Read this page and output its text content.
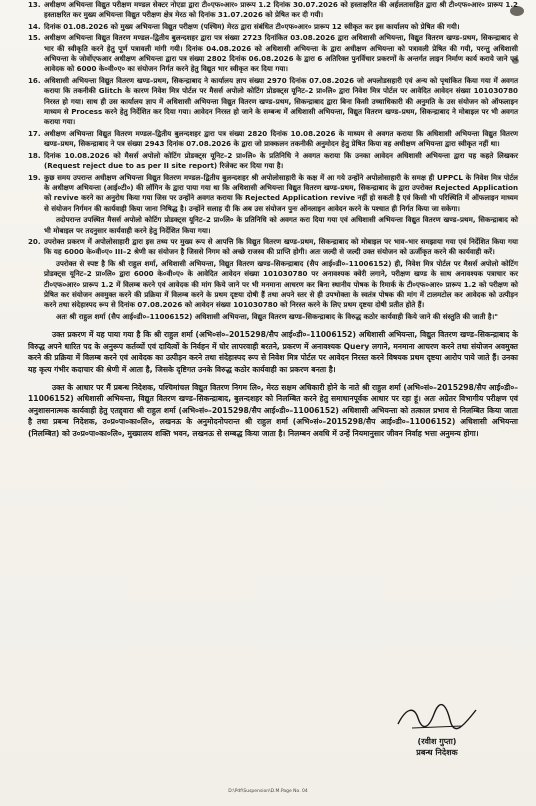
13. अधीक्षण अभियन्ता विद्युत परीक्षण मण्डल सेक्टर नोएडा द्वारा टी०एफ०आर० प्रारूप 1.2 दिनांक 30.07.2026 को हस्ताक्षरित की अर्हलतासहित द्वारा श्री टी०एफ०आर० प्रारूप 1.2 हस्ताक्षरित कर मुख्य अभियन्ता विद्युत परीक्षण क्षेत्र मेरठ को दिनांक 31.07.2026 को प्रेषित कर दी गयी।
14. दिनांक 01.08.2026 को मुख्य अभियन्ता विद्युत परीक्षण (पश्चिम) मेरठ द्वारा संबंधित टी०एफ०आर० प्रारूप 12 स्वीकृत कर इस कार्यालय को प्रेषित की गयी।
15. अधीक्षण अभियन्ता विद्युत वितरण मण्डल–द्वितीय बुलन्दशहर द्वारा पत्र संख्या 2723 दिनांकित 03.08.2026 द्वारा अधिशासी अभियन्ता, विद्युत वितरण खण्ड–प्रथम, सिकन्द्राबाद से भार की स्वीकृति करने हेतु पूर्ण पत्रावली मांगी गयी। दिनांक 04.08.2026 को अधिशासी अभियन्ता के द्वारा अधीक्षण अभियन्ता को पत्रावली प्रेषित की गयी, परन्तु अधिशासी अभियन्ता के जोर्वोएफआर अधीक्षण अभियन्ता द्वारा पत्र संख्या 2802 दिनांक 06.08.2026 के द्वारा 6 अतिरिक्त पुनर्विचार प्रकरणों के अन्तर्गत लाइन निर्माण कार्य कराये जाने एवं आवेदक को 6000 के०वी०ए० का संयोजन निर्गत करने हेतु विद्युत भार स्वीकृत कर दिया गया।
16. अधिशासी अभियन्ता विद्युत वितरण खण्ड–प्रथम, सिकन्द्राबाद ने कार्यालय ज्ञाप संख्या 2970 दिनांक 07.08.2026 जो अपलोडसहारी एवं अन्य को पृथांकित किया गया में अवगत कराया कि तकनीकी Glitch के कारण निवेश मित्र पोर्टल पर मैसर्स अपोलो कोटिंग प्रोडक्ट्स यूनिट–2 प्रा०लि० द्वारा निवेश मित्र पोर्टल पर आवेदित आवेदन संख्या 101030780 निरस्त हो गया। साथ ही उस कार्यालय ज्ञाप में अधिशासी अभियन्ता विद्युत वितरण खण्ड–प्रथम, सिकन्द्राबाद द्वारा बिना किसी उच्चाधिकारी की अनुमति के उस संयोजन को ऑफलाइन माध्यम से Process करने हेतु निर्देशित कर दिया गया। आवेदन निरस्त हो जाने के सम्बन्ध में अधिशासी अभियन्ता, विद्युत वितरण खण्ड–प्रथम, सिकन्द्राबाद ने मोबाइल पर भी अवगत कराया गया।
17. अधीक्षण अभियन्ता विद्युत वितरण मण्डल–द्वितीय बुलन्दशहर द्वारा पत्र संख्या 2820 दिनांक 10.08.2026 के माध्यम से अवगत कराया कि अधिशासी अभियन्ता विद्युत वितरण खण्ड–प्रथम, सिकन्द्राबाद ने पत्र संख्या 2943 दिनांक 07.08.2026 के द्वारा जो प्राक्कलन तकनीकी अनुमोदन हेतु प्रेषित किया वह अधीक्षण अभियन्ता द्वारा स्वीकृत नहीं था।
18. दिनांक 10.08.2026 को मैसर्स अपोलो कोटिंग प्रोडक्ट्स यूनिट–2 प्रा०लि० के प्रतिनिधि ने अवगत कराया कि उनका आवेदन अधिशासी अभियन्ता द्वारा यह कहते लिखकर (Request reject due to as per II site report) रिजेक्ट कर दिया गया है।
19. कुछ समय उपरान्त अधीक्षण अभियन्ता विद्युत वितरण मण्डल–द्वितीय बुलन्दशहर श्री अपोलोसाहारी के कक्ष में आ गये उन्होंने अपोलोसाहारी के समक्ष ही UPPCL के निवेश मित्र पोर्टल के अधीक्षण अभियन्ता (आई०टी०) की लॉगिन के द्वारा पाया गया था कि अधिशासी अभियन्ता विद्युत वितरण खण्ड–प्रथम, सिकन्द्राबाद के द्वारा उपरोक्त Rejected Application को revive करने का अनुरोध किया गया जिस पर उन्होंने अवगत कराया कि Rejected Application revive नहीं हो सकती है एवं किसी भी परिस्थिति में ऑफलाइन माध्यम से संयोजन निर्गमन की कार्यवाही किया जाना निषिद्ध है। उन्होंने सलाह दी कि अब उस संयोजन पुनः ऑनलाइन आवेदन करने के पश्चात ही निर्गत किया जा सकेगा।

तदोपरान्त उपस्थित मैसर्स अपोलो कोटिंग प्रोडक्ट्स यूनिट–2 प्रा०लि० के प्रतिनिधि को अवगत करा दिया गया एवं अधिशासी अभियन्ता विद्युत वितरण खण्ड–प्रथम, सिकन्द्राबाद को भी मोबाइल पर तदनुसार कार्यवाही करने हेतु निर्देशित किया गया।

20. उपरोक्त प्रकरण में अपोलोसाहारी द्वारा इस तथ्य पर मुख्य रूप से आपत्ति कि विद्युत वितरण खण्ड–प्रथम, सिकन्द्राबाद को मोबाइल पर भाव–भार समझाया गया एवं निर्देशित किया गया कि यह 6000 के०वी०ए० III–2 श्रेणी का संयोजन है जिससे निगम को अच्छे राजस्व की प्राप्ति होगी। अतः जल्दी से जल्दी उक्त संयोजन को ऊर्जीकृत करने की कार्यवाही करें।

उपरोक्त से स्पष्ट है कि श्री राहुल शर्मा, अधिशासी अभियन्ता, विद्युत वितरण खण्ड–सिकन्द्राबाद (सैप आई०डी०–11006152) ही, निवेश मित्र पोर्टल पर मैसर्स अपोलो कोटिंग प्रोडक्ट्स यूनिट–2 प्रा०लि० द्वारा 6000 के०वी०ए० के आवेदित आवेदन संख्या 101030780 पर अनावश्यक क्वेरी लगाने, परीक्षण खण्ड के साथ अनावश्यक पत्राचार कर टी०एफ०आर० प्रारूप 1.2 में विलम्ब करने एवं आवेदक की मांग किये जाने पर भी मनमाना आचरण कर बिना स्थानीय पोषक के रिमार्क के टी०एफ०आर० प्रारूप 1.2 को परीक्षण को प्रेषित कर संयोजन अवमुक्त करने की प्रक्रिया में विलम्ब करने के प्रथम दृष्टया दोषी हैं तथा अपने स्तर से ही उपभोक्ता के स्वतंत्र पोषक की मांग में टालमटोल कर आवेदक को उत्पीड़न करने तथा संदेहास्पद रूप से दिनांक 07.08.2026 को आवेदन संख्या 101030780 को निरस्त करने के लिए प्रथम दृष्टया दोषी प्रतीत होते हैं।

अतः श्री राहुल शर्मा (सैप आई०डी०–11006152) अधिशासी अभियन्ता, विद्युत वितरण खण्ड–सिकन्द्राबाद के विरुद्ध कठोर कार्यवाही किये जाने की संस्तुति की जाती है।"

उक्त प्रकरण में यह पाया गया है कि श्री राहुल शर्मा (अभि०सं०–2015298/सैप आई०डी०–11006152) अधिशासी अभियन्ता, विद्युत वितरण खण्ड–सिकन्द्राबाद के विरुद्ध अपने धारित पद के अनुरूप कर्तव्यों एवं दायित्वों के निर्वहन में घोर लापरवाही बरतने, प्रकरण में अनावश्यक Query लगाने, मनमाना आचरण करने तथा संयोजन अवमुक्त करने की प्रक्रिया में विलम्ब करने एवं आवेदक का उत्पीड़न करने तथा संदेहास्पद रूप से निवेश मित्र पोर्टल पर आवेदन निरस्त करने विषयक प्रथम दृष्टया आरोप पाये जाते हैं। उनका यह कृत्य गंभीर कदाचार की श्रेणी में आता है, जिसके दृष्टिगत उनके विरुद्ध कठोर कार्यवाही का प्रकरण बनता है।

उक्त के आधार पर मैं प्रबन्ध निदेशक, पश्चिमांचल विद्युत वितरण निगम लि०, मेरठ सक्षम अधिकारी होने के नाते श्री राहुल शर्मा (अभि०सं०–2015298/सैप आई०डी०–11006152) अधिशासी अभियन्ता, विद्युत वितरण खण्ड–सिकन्द्राबाद, बुलन्दशहर को निलम्बित करने हेतु समाधानपूर्वक आधार पर रहा हूं। अतः अग्रेतर विभागीय परीक्षण एवं अनुशासनात्मक कार्यवाही हेतु एतद्द्वारा श्री राहुल शर्मा (अभि०सं०–2015298/सैप आई०डी०–11006152) अधिशासी अभियन्ता को तत्काल प्रभाव से निलम्बित किया जाता है तथा प्रबन्ध निदेशक, उ०प्र०पा०का०लि०, लखनऊ के अनुमोदनोपरान्त श्री राहुल शर्मा (अभि०सं०–2015298/सैप आई०डी०–11006152) अधिशासी अभियन्ता (निलम्बित) को उ०प्र०पा०का०लि०, मुख्यालय शक्ति भवन, लखनऊ से सम्बद्ध किया जाता है। निलम्बन अवधि में उन्हें नियमानुसार जीवन निर्वाह भत्ता अनुमन्य होगा।

(रवीश गुप्ता)
प्रबन्ध निदेशक
D:\Pdf\Suspension\D.M.Page No. 04
